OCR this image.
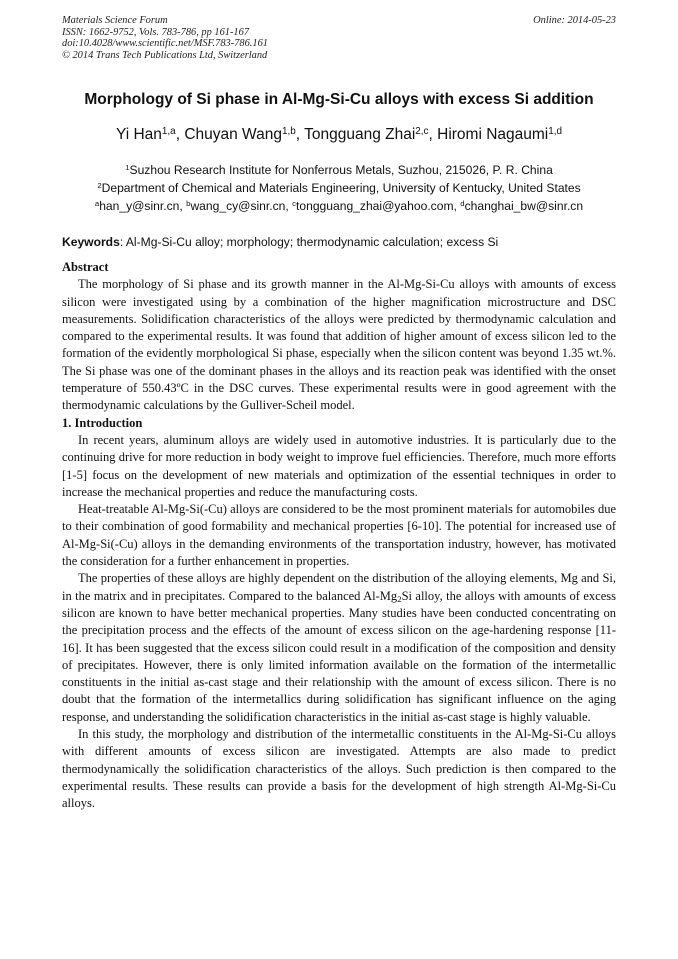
Materials Science Forum
ISSN: 1662-9752, Vols. 783-786, pp 161-167
doi:10.4028/www.scientific.net/MSF.783-786.161
© 2014 Trans Tech Publications Ltd, Switzerland
Online: 2014-05-23
Morphology of Si phase in Al-Mg-Si-Cu alloys with excess Si addition
Yi Han$^{1,a}$, Chuyan Wang$^{1,b}$, Tongguang Zhai$^{2,c}$, Hiromi Nagaumi$^{1,d}$
$^1$Suzhou Research Institute for Nonferrous Metals, Suzhou, 215026, P. R. China
$^2$Department of Chemical and Materials Engineering, University of Kentucky, United States
$^a$han_y@sinr.cn, $^b$wang_cy@sinr.cn, $^c$tongguang_zhai@yahoo.com, $^d$changhai_bw@sinr.cn
Keywords: Al-Mg-Si-Cu alloy; morphology; thermodynamic calculation; excess Si
Abstract

The morphology of Si phase and its growth manner in the Al-Mg-Si-Cu alloys with amounts of excess silicon were investigated using by a combination of the higher magnification microstructure and DSC measurements. Solidification characteristics of the alloys were predicted by thermodynamic calculation and compared to the experimental results. It was found that addition of higher amount of excess silicon led to the formation of the evidently morphological Si phase, especially when the silicon content was beyond 1.35 wt.%. The Si phase was one of the dominant phases in the alloys and its reaction peak was identified with the onset temperature of 550.43ºC in the DSC curves. These experimental results were in good agreement with the thermodynamic calculations by the Gulliver-Scheil model.

1. Introduction

In recent years, aluminum alloys are widely used in automotive industries. It is particularly due to the continuing drive for more reduction in body weight to improve fuel efficiencies. Therefore, much more efforts [1-5] focus on the development of new materials and optimization of the essential techniques in order to increase the mechanical properties and reduce the manufacturing costs.

Heat-treatable Al-Mg-Si(-Cu) alloys are considered to be the most prominent materials for automobiles due to their combination of good formability and mechanical properties [6-10]. The potential for increased use of Al-Mg-Si(-Cu) alloys in the demanding environments of the transportation industry, however, has motivated the consideration for a further enhancement in properties.

The properties of these alloys are highly dependent on the distribution of the alloying elements, Mg and Si, in the matrix and in precipitates. Compared to the balanced $Al-Mg_2Si$ alloy, the alloys with amounts of excess silicon are known to have better mechanical properties. Many studies have been conducted concentrating on the precipitation process and the effects of the amount of excess silicon on the age-hardening response [11-16]. It has been suggested that the excess silicon could result in a modification of the composition and density of precipitates. However, there is only limited information available on the formation of the intermetallic constituents in the initial as-cast stage and their relationship with the amount of excess silicon. There is no doubt that the formation of the intermetallics during solidification has significant influence on the aging response, and understanding the solidification characteristics in the initial as-cast stage is highly valuable.

In this study, the morphology and distribution of the intermetallic constituents in the Al-Mg-Si-Cu alloys with different amounts of excess silicon are investigated. Attempts are also made to predict thermodynamically the solidification characteristics of the alloys. Such prediction is then compared to the experimental results. These results can provide a basis for the development of high strength Al-Mg-Si-Cu alloys.
